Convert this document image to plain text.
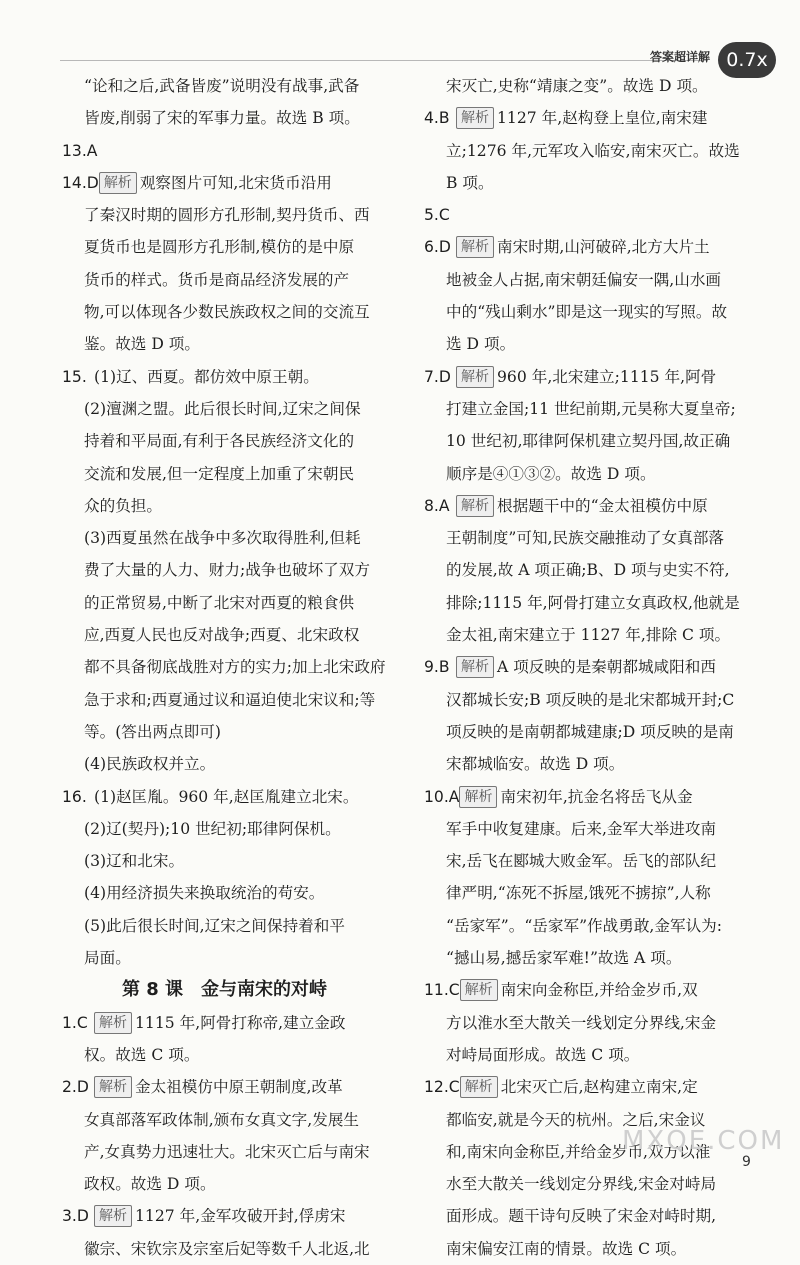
答案超详解 0.7x
“论和之后,武备皆废”说明没有战事,武备
皆废,削弱了宋的军事力量。故选 B 项。
13.A
14.D 解析 观察图片可知,北宋货币沿用
了秦汉时期的圆形方孔形制,契丹货币、西
夏货币也是圆形方孔形制,模仿的是中原
货币的样式。货币是商品经济发展的产
物,可以体现各少数民族政权之间的交流互
鉴。故选 D 项。
15. (1)辽、西夏。都仿效中原王朝。
(2)澶渊之盟。此后很长时间,辽宋之间保
持着和平局面,有利于各民族经济文化的
交流和发展,但一定程度上加重了宋朝民
众的负担。
(3)西夏虽然在战争中多次取得胜利,但耗
费了大量的人力、财力;战争也破坏了双方
的正常贸易,中断了北宋对西夏的粮食供
应,西夏人民也反对战争;西夏、北宋政权
都不具备彻底战胜对方的实力;加上北宋政府
急于求和;西夏通过议和逼迫使北宋议和;等
等。(答出两点即可)
(4)民族政权并立。
16. (1)赵匡胤。960 年,赵匡胤建立北宋。
(2)辽(契丹);10 世纪初;耶律阿保机。
(3)辽和北宋。
(4)用经济损失来换取统治的苟安。
(5)此后很长时间,辽宋之间保持着和平
局面。
第 8 课　金与南宋的对峙
1.C 解析 1115 年,阿骨打称帝,建立金政
权。故选 C 项。
2.D 解析 金太祖模仿中原王朝制度,改革
女真部落军政体制,颁布女真文字,发展生
产,女真势力迅速壮大。北宋灭亡后与南宋
政权。故选 D 项。
3.D 解析 1127 年,金军攻破开封,俘虏宋
徽宗、宋钦宗及宗室后妃等数千人北返,北
宋灭亡,史称“靖康之变”。故选 D 项。
4.B 解析 1127 年,赵构登上皇位,南宋建
立;1276 年,元军攻入临安,南宋灭亡。故选
B 项。
5.C
6.D 解析 南宋时期,山河破碎,北方大片土
地被金人占据,南宋朝廷偏安一隅,山水画
中的“残山剩水”即是这一现实的写照。故
选 D 项。
7.D 解析 960 年,北宋建立;1115 年,阿骨
打建立金国;11 世纪前期,元昊称大夏皇帝;
10 世纪初,耶律阿保机建立契丹国,故正确
顺序是④①③②。故选 D 项。
8.A 解析 根据题干中的“金太祖模仿中原
王朝制度”可知,民族交融推动了女真部落
的发展,故 A 项正确;B、D 项与史实不符,
排除;1115 年,阿骨打建立女真政权,他就是
金太祖,南宋建立于 1127 年,排除 C 项。
9.B 解析 A 项反映的是秦朝都城咸阳和西
汉都城长安;B 项反映的是北宋都城开封;C
项反映的是南朝都城建康;D 项反映的是南
宋都城临安。故选 D 项。
10.A 解析 南宋初年,抗金名将岳飞从金
军手中收复建康。后来,金军大举进攻南
宋,岳飞在郾城大败金军。岳飞的部队纪
律严明,“冻死不拆屋,饿死不掳掠”,人称
“岳家军”。“岳家军”作战勇敢,金军认为:
“撼山易,撼岳家军难!”故选 A 项。
11.C 解析 南宋向金称臣,并给金岁币,双
方以淮水至大散关一线划定分界线,宋金
对峙局面形成。故选 C 项。
12.C 解析 北宋灭亡后,赵构建立南宋,定
都临安,就是今天的杭州。之后,宋金议
和,南宋向金称臣,并给金岁币,双方以淮
水至大散关一线划定分界线,宋金对峙局
面形成。题干诗句反映了宋金对峙时期,
南宋偏安江南的情景。故选 C 项。
MXQE.COM
9
